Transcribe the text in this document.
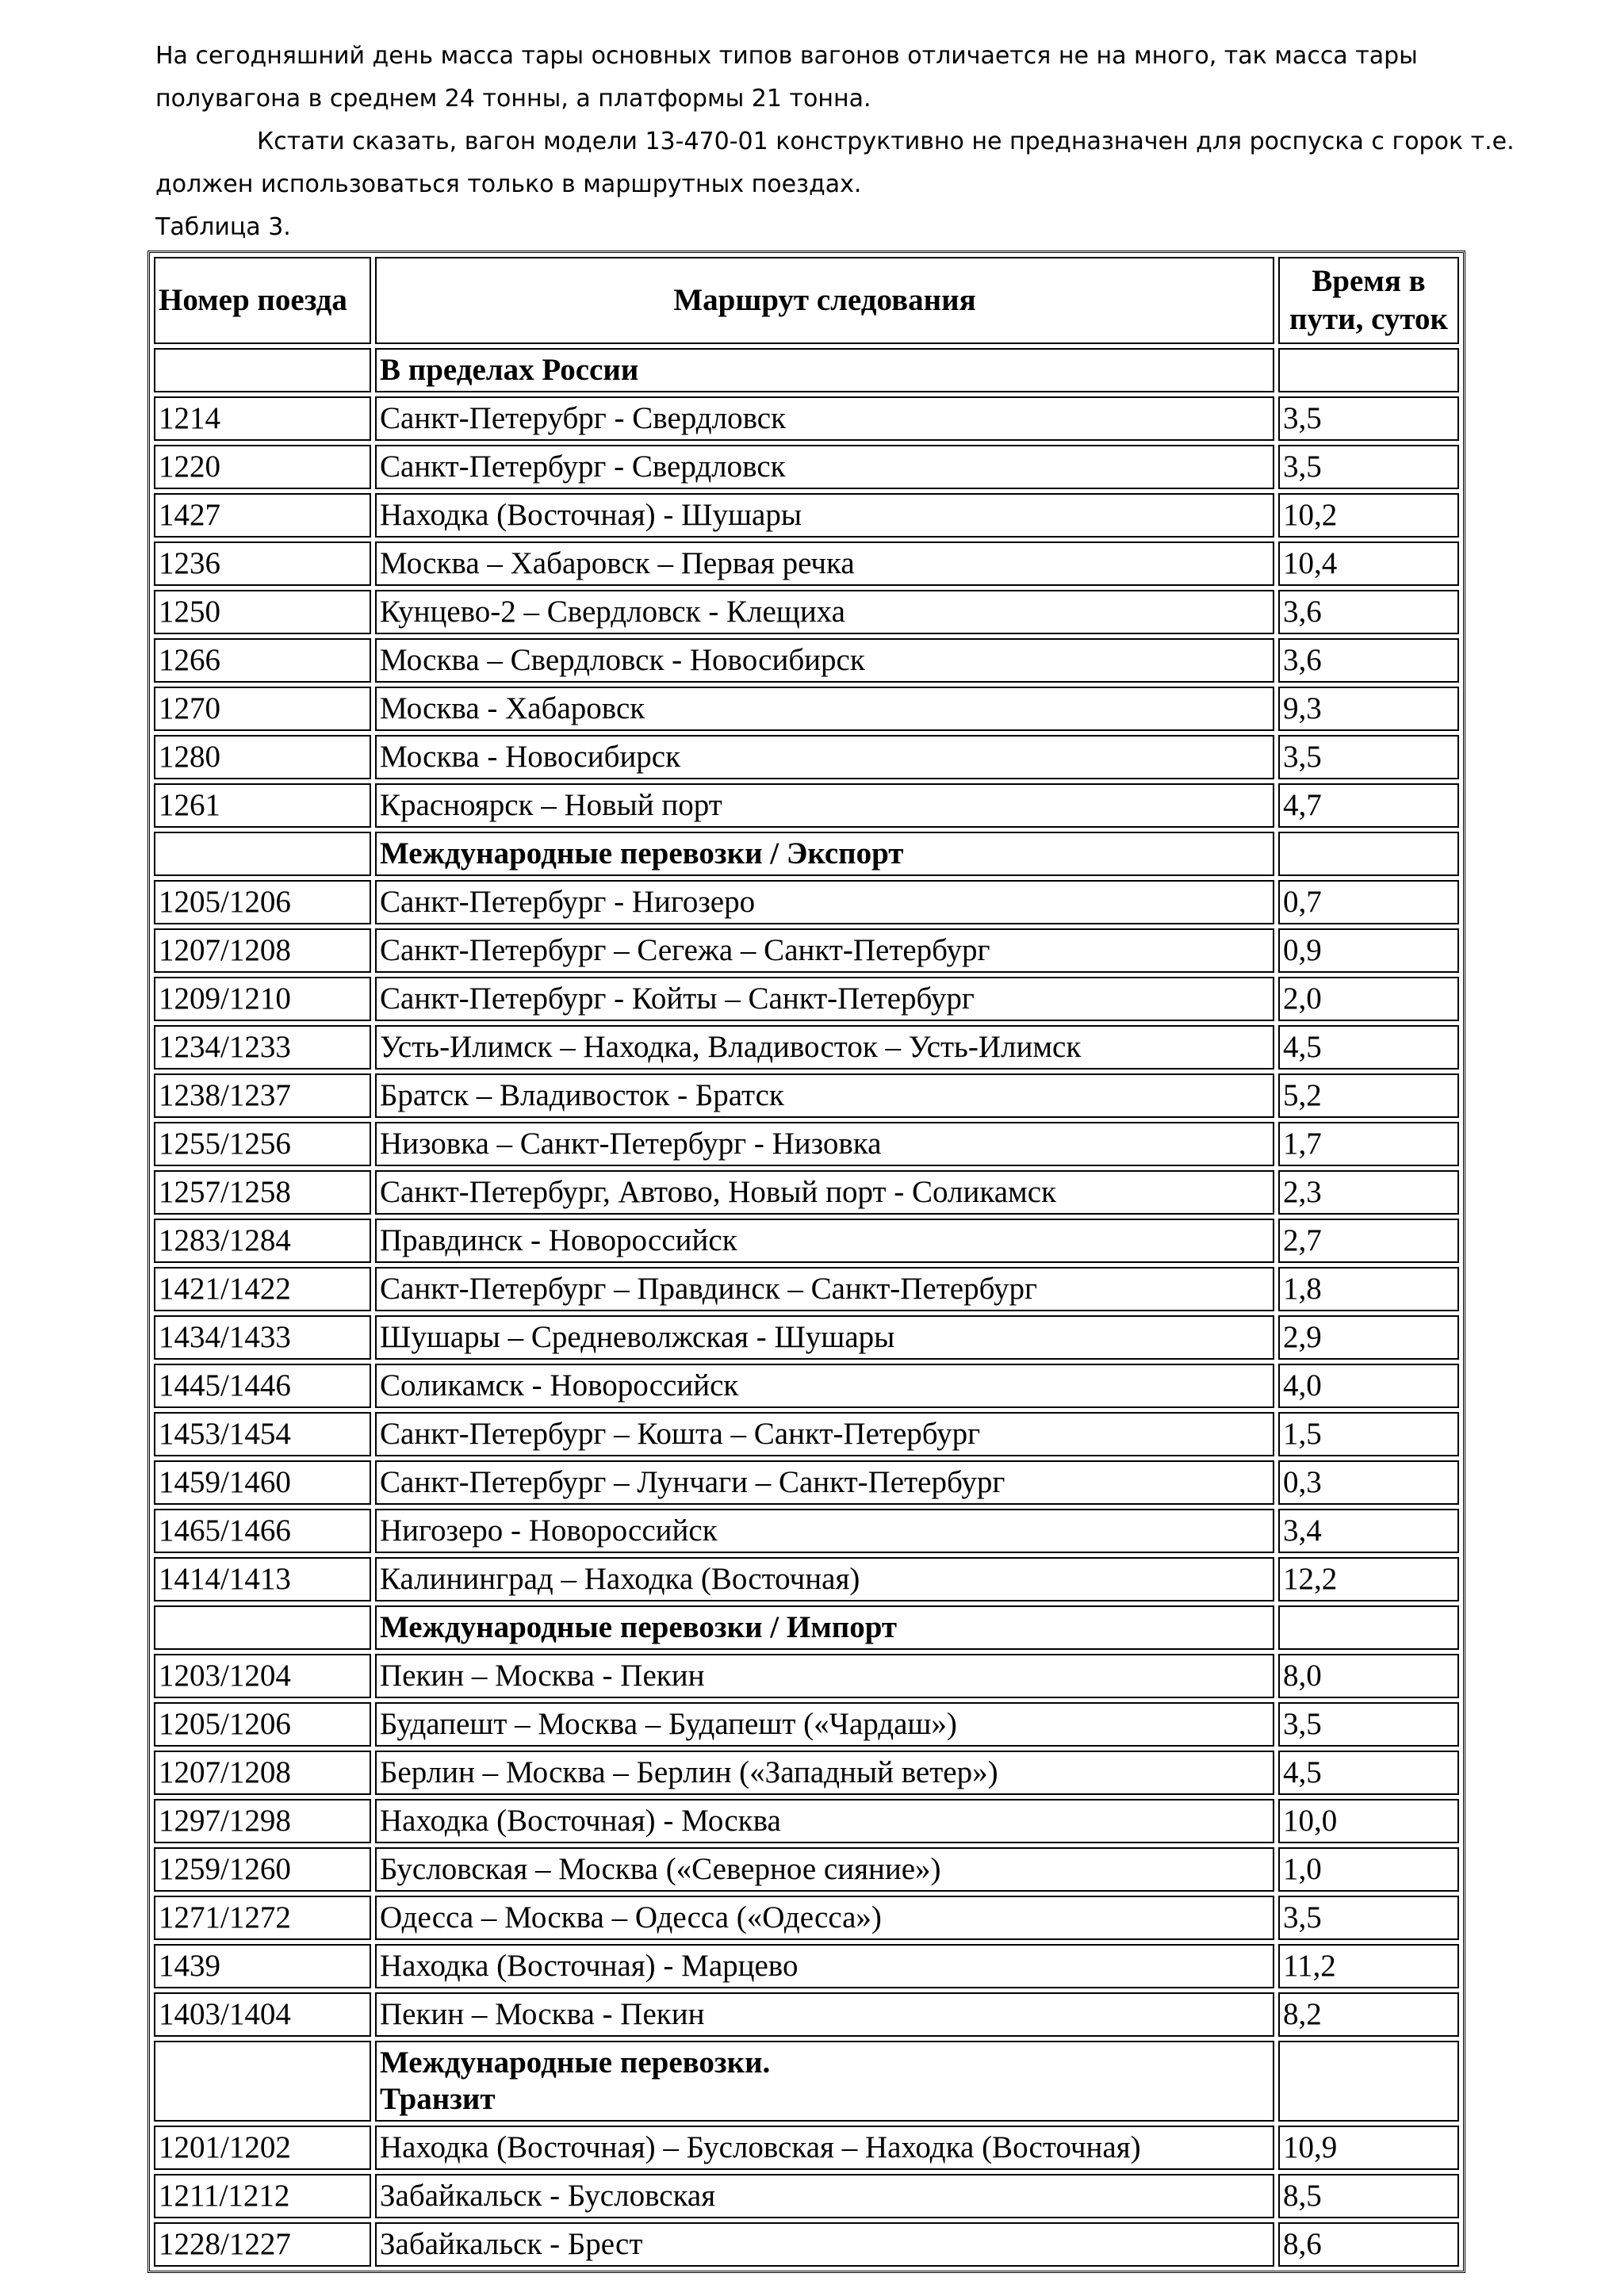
На сегодняшний день масса тары основных типов вагонов отличается не на много, так масса тары полувагона в среднем 24 тонны, а платформы 21 тонна.

Кстати сказать, вагон модели 13-470-01 конструктивно не предназначен для роспуска с горок т.е. должен использоваться только в маршрутных поездах.

Таблица 3.

Номер поезда	Маршрут следования	Время в
пути, суток
	В пределах России	
1214	Санкт-Петерубрг - Свердловск	3,5
1220	Санкт-Петербург - Свердловск	3,5
1427	Находка (Восточная) - Шушары	10,2
1236	Москва – Хабаровск – Первая речка	10,4
1250	Кунцево-2 – Свердловск - Клещиха	3,6
1266	Москва – Свердловск - Новосибирск	3,6
1270	Москва - Хабаровск	9,3
1280	Москва - Новосибирск	3,5
1261	Красноярск – Новый порт	4,7
	Международные перевозки / Экспорт	
1205/1206	Санкт-Петербург - Нигозеро	0,7
1207/1208	Санкт-Петербург – Сегежа – Санкт-Петербург	0,9
1209/1210	Санкт-Петербург - Койты – Санкт-Петербург	2,0
1234/1233	Усть-Илимск – Находка, Владивосток – Усть-Илимск	4,5
1238/1237	Братск – Владивосток - Братск	5,2
1255/1256	Низовка – Санкт-Петербург - Низовка	1,7
1257/1258	Санкт-Петербург, Автово, Новый порт - Соликамск	2,3
1283/1284	Правдинск - Новороссийск	2,7
1421/1422	Санкт-Петербург – Правдинск – Санкт-Петербург	1,8
1434/1433	Шушары – Средневолжская - Шушары	2,9
1445/1446	Соликамск - Новороссийск	4,0
1453/1454	Санкт-Петербург – Кошта – Санкт-Петербург	1,5
1459/1460	Санкт-Петербург – Лунчаги – Санкт-Петербург	0,3
1465/1466	Нигозеро - Новороссийск	3,4
1414/1413	Калининград – Находка (Восточная)	12,2
	Международные перевозки / Импорт	
1203/1204	Пекин – Москва - Пекин	8,0
1205/1206	Будапешт – Москва – Будапешт («Чардаш»)	3,5
1207/1208	Берлин – Москва – Берлин («Западный ветер»)	4,5
1297/1298	Находка (Восточная) - Москва	10,0
1259/1260	Бусловская – Москва («Северное сияние»)	1,0
1271/1272	Одесса – Москва – Одесса («Одесса»)	3,5
1439	Находка (Восточная) - Марцево	11,2
1403/1404	Пекин – Москва - Пекин	8,2
	Международные перевозки.
Транзит	
1201/1202	Находка (Восточная) – Бусловская – Находка (Восточная)	10,9
1211/1212	Забайкальск - Бусловская	8,5
1228/1227	Забайкальск - Брест	8,6
